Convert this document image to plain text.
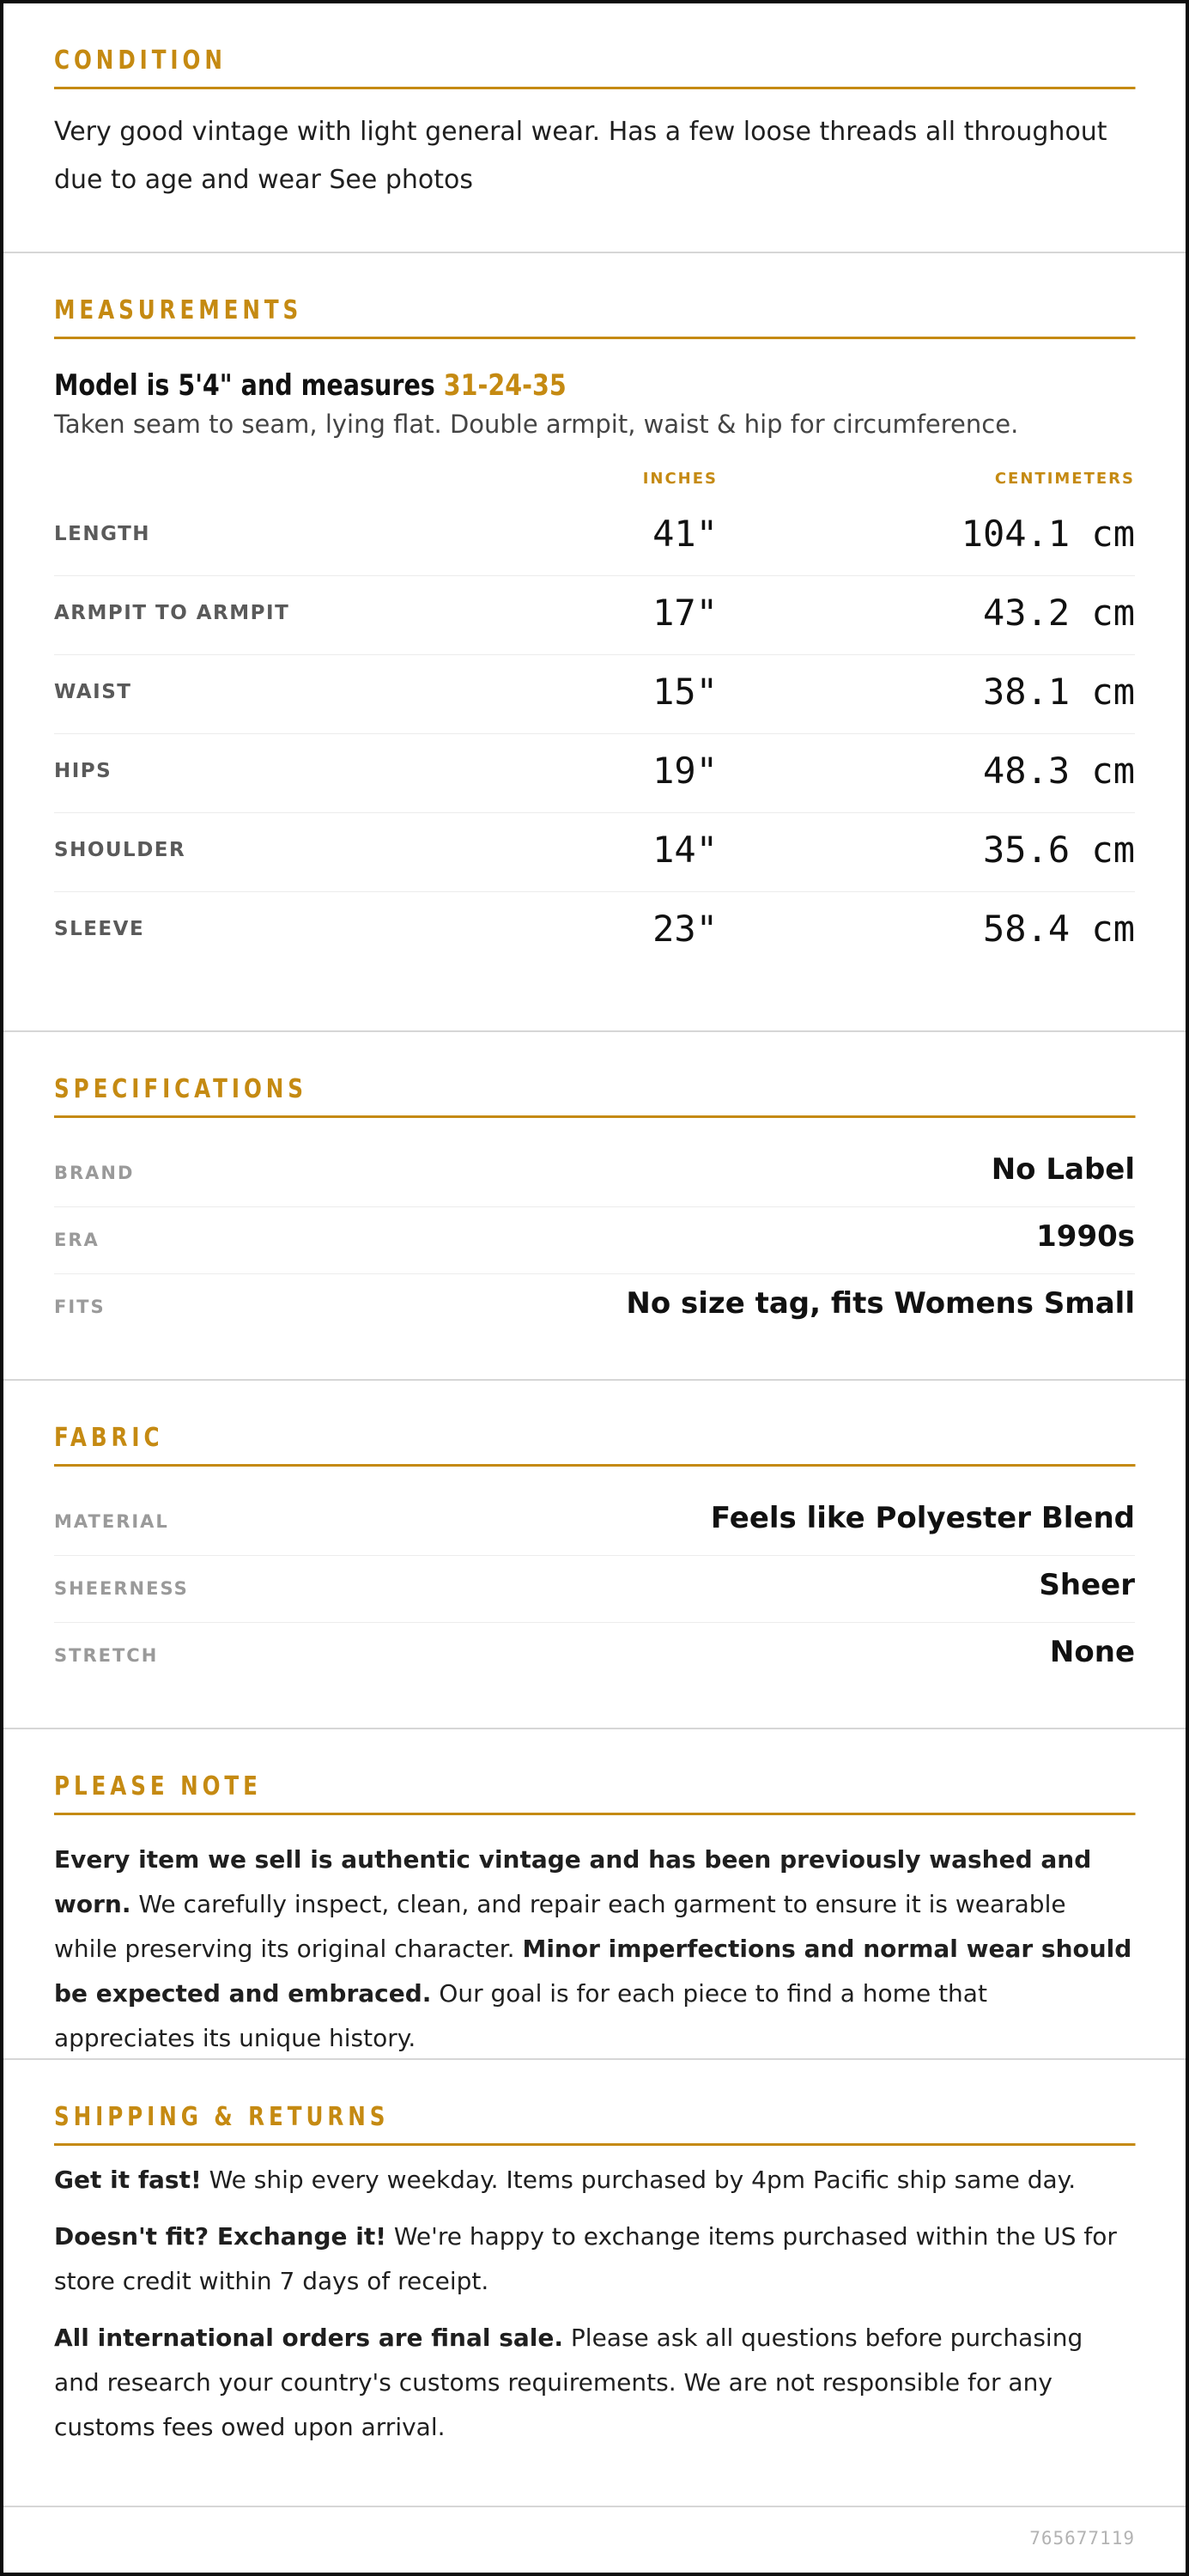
CONDITION
Very good vintage with light general wear. Has a few loose threads all throughout due to age and wear See photos
MEASUREMENTS
Model is 5'4" and measures 31-24-35
Taken seam to seam, lying flat. Double armpit, waist & hip for circumference.
INCHES	CENTIMETERS
LENGTH	41"	104.1 cm
ARMPIT TO ARMPIT	17"	43.2 cm
WAIST	15"	38.1 cm
HIPS	19"	48.3 cm
SHOULDER	14"	35.6 cm
SLEEVE	23"	58.4 cm
SPECIFICATIONS
BRAND	No Label
ERA	1990s
FITS	No size tag, fits Womens Small
FABRIC
MATERIAL	Feels like Polyester Blend
SHEERNESS	Sheer
STRETCH	None
PLEASE NOTE
Every item we sell is authentic vintage and has been previously washed and worn. We carefully inspect, clean, and repair each garment to ensure it is wearable while preserving its original character. Minor imperfections and normal wear should be expected and embraced. Our goal is for each piece to find a home that appreciates its unique history.
SHIPPING & RETURNS
Get it fast! We ship every weekday. Items purchased by 4pm Pacific ship same day.
Doesn't fit? Exchange it! We're happy to exchange items purchased within the US for store credit within 7 days of receipt.
All international orders are final sale. Please ask all questions before purchasing and research your country's customs requirements. We are not responsible for any customs fees owed upon arrival.
765677119
